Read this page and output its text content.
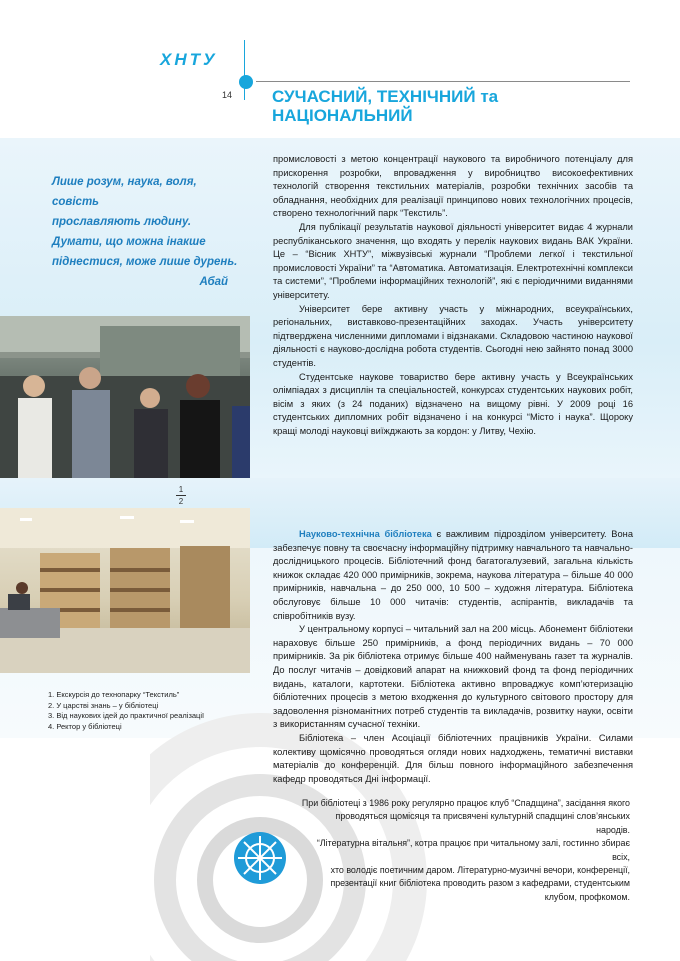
ХНТУ
14 СУЧАСНИЙ, ТЕХНІЧНИЙ та
НАЦІОНАЛЬНИЙ
Лише розум, наука, воля, совість
прославляють людину.
Думати, що можна інакше
піднестися, може лише дурень.
Абай

промисловості з метою концентрації наукового та виробничого потенціалу для прискорення розробки, впровадження у виробництво високоефективних технологій створення текстильних матеріалів, розробки технічних засобів та обладнання, необхідних для реалізації принципово нових технологічних процесів, створено технологічний парк “Текстиль”.

Для публікації результатів наукової діяльності університет видає 4 журнали республіканського значення, що входять у перелік наукових видань ВАК України. Це – “Вісник ХНТУ”, міжвузівські журнали “Проблеми легкої і текстильної промисловості України” та “Автоматика. Автоматизація. Електротехнічні комплекси та системи”, “Проблеми інформаційних технологій”, які є періодичними виданнями університету.

Університет бере активну участь у міжнародних, всеукраїнських, регіональних, виставково-презентаційних заходах. Участь університету підтверджена численними дипломами і відзнаками. Складовою частиною наукової діяльності є науково-дослідна робота студентів. Сьогодні нею зайнято понад 3000 студентів.

Студентське наукове товариство бере активну участь у Всеукраїнських олімпіадах з дисциплін та спеціальностей, конкурсах студентських наукових робіт, вісім з яких (з 24 поданих) відзначено на вищому рівні. У 2009 році 16 студентських дипломних робіт відзначено і на конкурсі “Місто і наука”. Щороку кращі молоді науковці виїжджають за кордон: у Литву, Чехію.

1
2
1. Екскурсія до технопарку “Текстиль”
2. У царстві знань – у бібліотеці
3. Від наукових ідей до практичної реалізації
4. Ректор у бібліотеці

Науково-технічна бібліотека є важливим підрозділом університету. Вона забезпечує повну та своєчасну інформаційну підтримку навчального та навчально-дослідницького процесів. Бібліотечний фонд багатогалузевий, загальна кількість книжок складає 420 000 примірників, зокрема, наукова література – більше 40 000 примірників, навчальна – до 250 000, 10 500 – художня література. Бібліотека обслуговує більше 10 000 читачів: студентів, аспірантів, викладачів та співробітників вузу.

У центральному корпусі – читальний зал на 200 місць. Абонемент бібліотеки нараховує більше 250 примірників, а фонд періодичних видань – 70 000 примірників. За рік бібліотека отримує більше 400 найменувань газет та журналів. До послуг читачів – довідковий апарат на книжковий фонд та фонд періодичних видань, каталоги, картотеки. Бібліотека активно впроваджує комп’ютеризацію бібліотечних процесів з метою входження до культурного світового простору для задоволення різноманітних потреб студентів та викладачів, розвитку науки, освіти з використанням сучасної техніки.

Бібліотека – член Асоціації бібліотечних працівників України. Силами колективу щомісячно проводяться огляди нових надходжень, тематичні виставки матеріалів до конференцій. Для більш повного інформаційного забезпечення кафедр проводяться Дні інформації.

При бібліотеці з 1986 року регулярно працює клуб “Спадщина”, засідання якого

проводяться щомісяця та присвячені культурній спадщині слов’янських народів.

“Літературна вітальня”, котра працює при читальному залі, гостинно збирає всіх,

хто володіє поетичним даром. Літературно-музичні вечори, конференції,

презентації книг бібліотека проводить разом з кафедрами, студентським

клубом, профкомом.
